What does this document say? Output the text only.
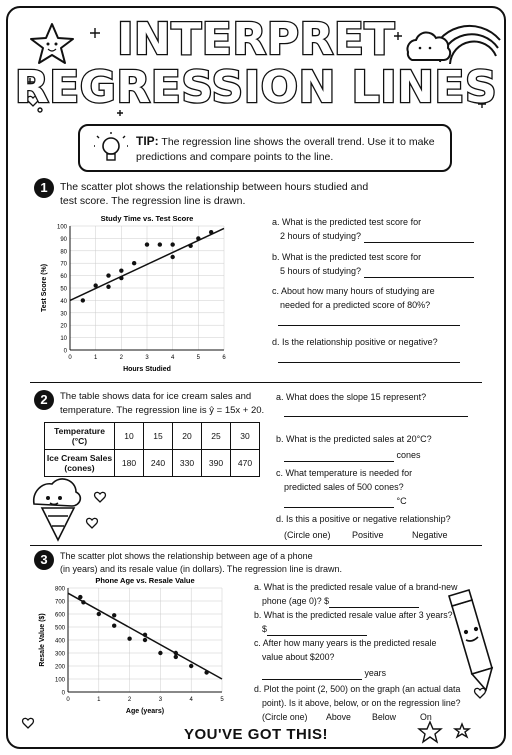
INTERPRET
REGRESSION LINES
TIP: The regression line shows the overall trend. Use it to make
predictions and compare points to the line.
1	The scatter plot shows the relationship between hours studied and
test score. The regression line is drawn.
Study Time vs. Test Score
0	1	2	3	4	5	6
0
10
20
30
40
50
60
70
80
90
100
Hours Studied
Test Score (%)
a. What is the predicted test score for
2 hours of studying?
b. What is the predicted test score for
5 hours of studying?
c. About how many hours of studying are
needed for a predicted score of 80%?
d. Is the relationship positive or negative?
2	The table shows data for ice cream sales and
temperature. The regression line is ŷ = 15x + 20.
Temperature
(°C)	10	15	20	25	30
Ice Cream Sales
(cones)	180	240	330	390	470
a. What does the slope 15 represent?
b. What is the predicted sales at 20°C?
cones
c. What temperature is needed for
predicted sales of 500 cones?
°C
d. Is this a positive or negative relationship?
(Circle one) Positive	Negative
3	The scatter plot shows the relationship between age of a phone
(in years) and its resale value (in dollars). The regression line is drawn.
Phone Age vs. Resale Value
0	1	2	3	4	5
0
100
200
300
400
500
600
700
800
Age (years)
Resale Value ($)
a. What is the predicted resale value of a brand-new
phone (age 0)? $
b. What is the predicted resale value after 3 years?
$
c. After how many years is the predicted resale
value about $200?
years
d. Plot the point (2, 500) on the graph (an actual data
point). Is it above, below, or on the regression line?
(Circle one) Above Below	On
YOU'VE GOT THIS!
